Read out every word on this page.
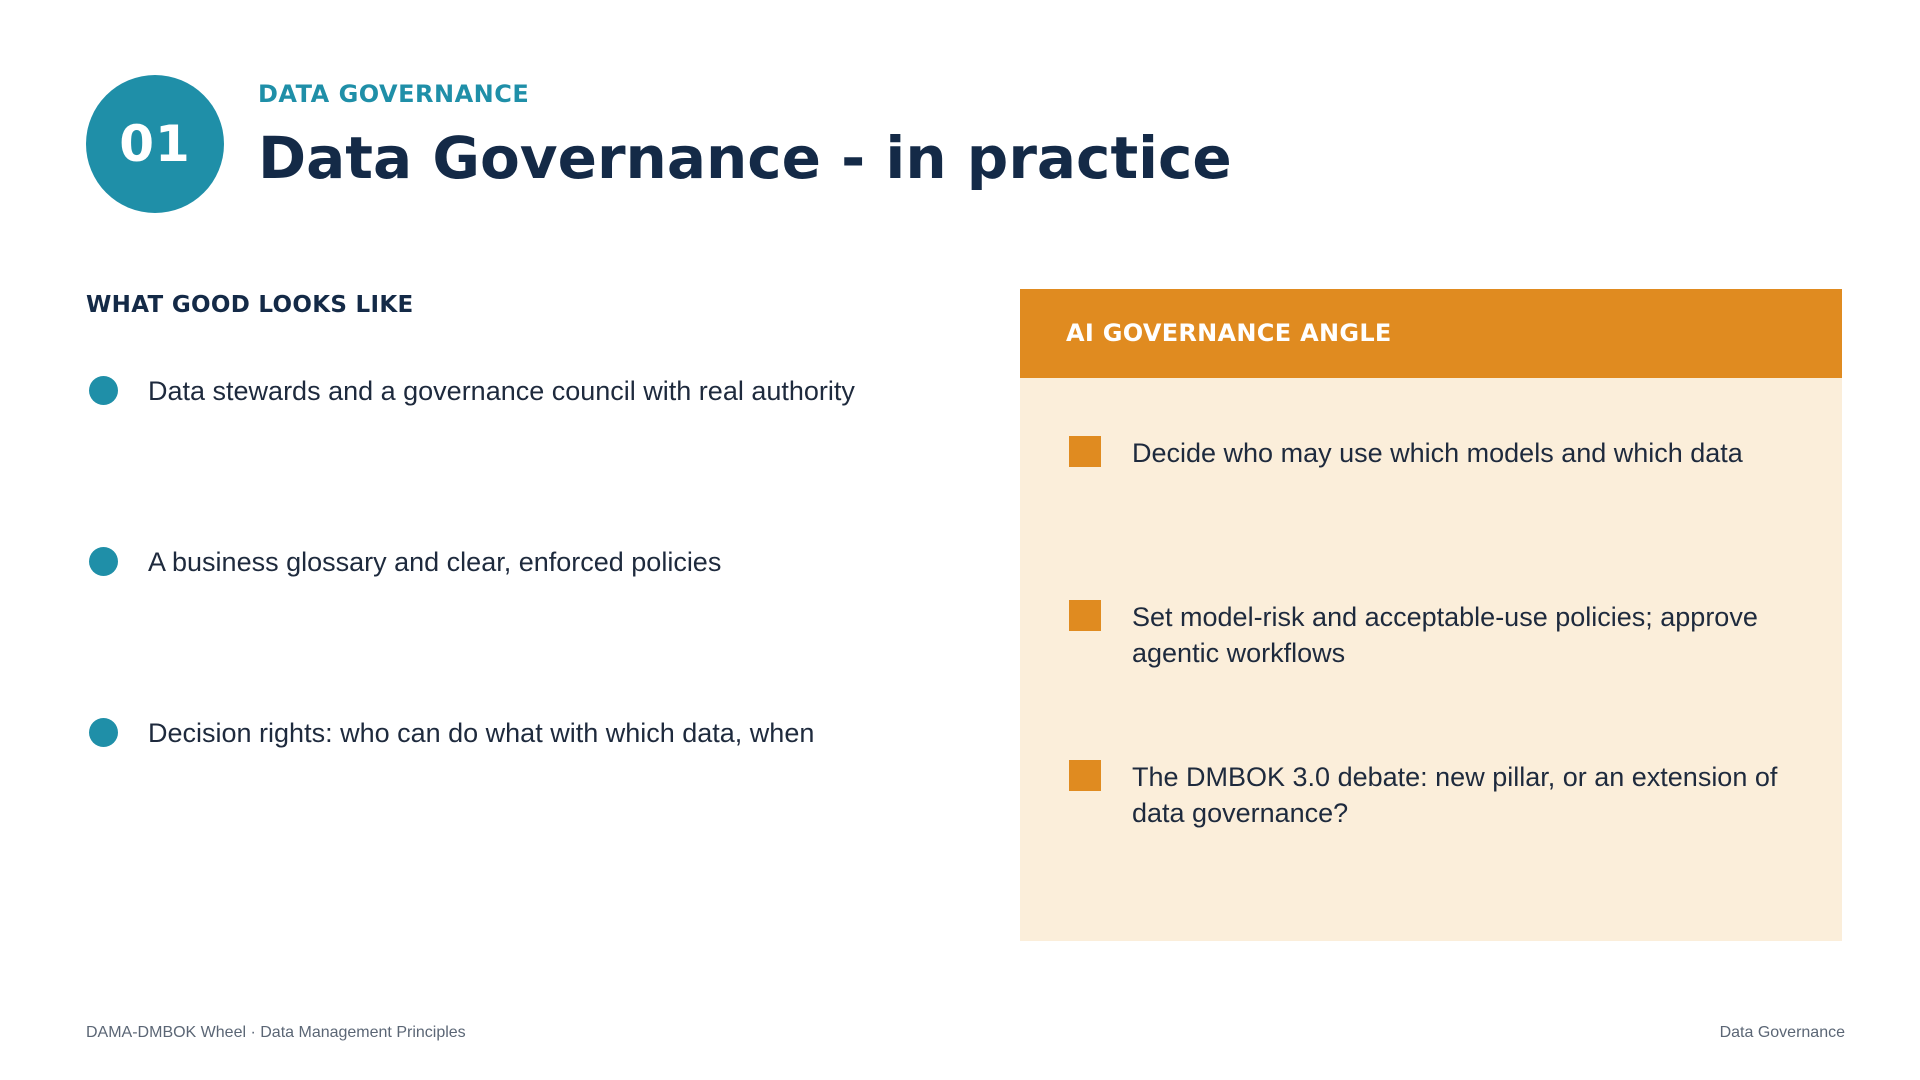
01
DATA GOVERNANCE
Data Governance - in practice
WHAT GOOD LOOKS LIKE
Data stewards and a governance council with real authority
A business glossary and clear, enforced policies
Decision rights: who can do what with which data, when
AI GOVERNANCE ANGLE
Decide who may use which models and which data
Set model-risk and acceptable-use policies; approve agentic workflows
The DMBOK 3.0 debate: new pillar, or an extension of data governance?
DAMA-DMBOK Wheel · Data Management Principles	Data Governance
